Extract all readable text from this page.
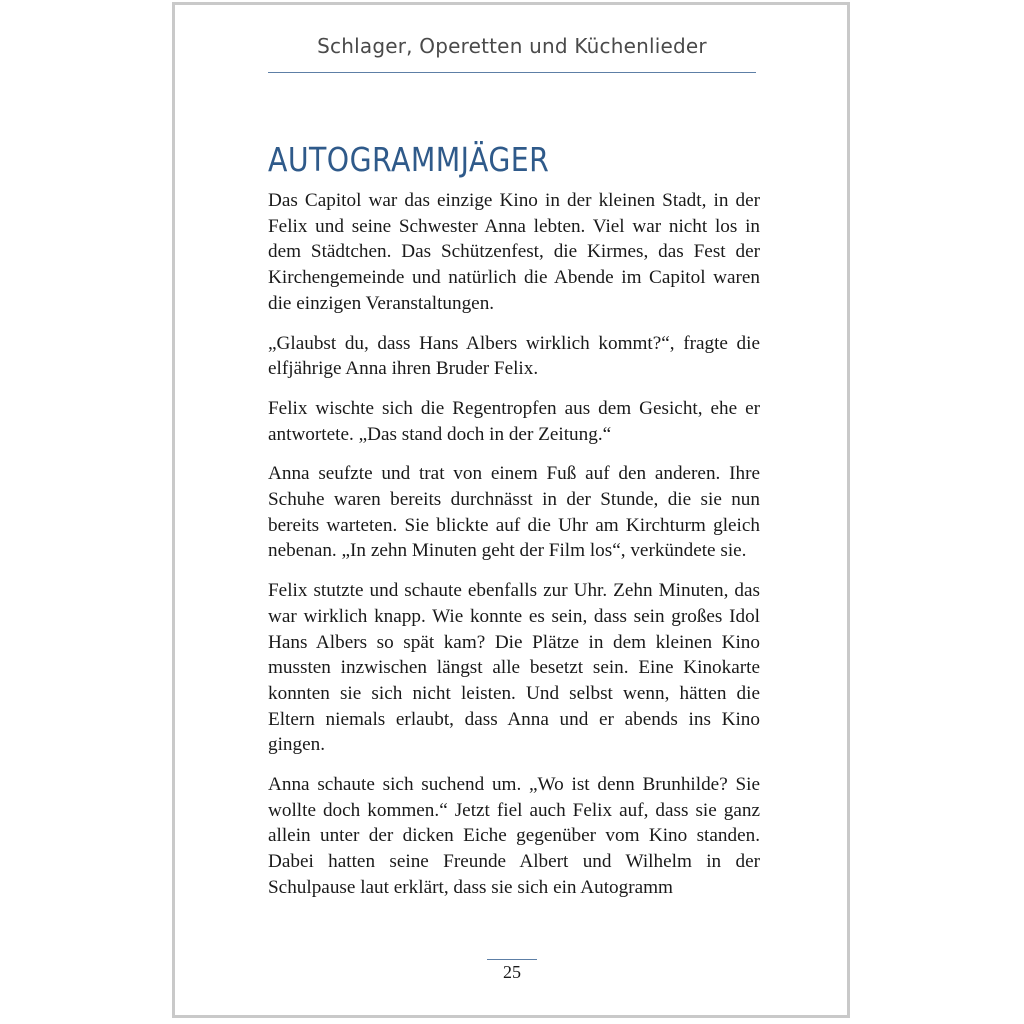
Schlager, Operetten und Küchenlieder
AUTOGRAMMJÄGER

Das Capitol war das einzige Kino in der kleinen Stadt, in der Felix und seine Schwester Anna lebten. Viel war nicht los in dem Städtchen. Das Schützenfest, die Kirmes, das Fest der Kirchengemeinde und natürlich die Abende im Capitol waren die einzigen Veranstaltungen.

„Glaubst du, dass Hans Albers wirklich kommt?“, fragte die elfjährige Anna ihren Bruder Felix.

Felix wischte sich die Regentropfen aus dem Gesicht, ehe er antwortete. „Das stand doch in der Zeitung.“

Anna seufzte und trat von einem Fuß auf den anderen. Ihre Schuhe waren bereits durchnässt in der Stunde, die sie nun bereits warteten. Sie blickte auf die Uhr am Kirchturm gleich nebenan. „In zehn Minuten geht der Film los“, verkündete sie.

Felix stutzte und schaute ebenfalls zur Uhr. Zehn Minuten, das war wirklich knapp. Wie konnte es sein, dass sein großes Idol Hans Albers so spät kam? Die Plätze in dem kleinen Kino mussten inzwischen längst alle besetzt sein. Eine Kinokarte konnten sie sich nicht leisten. Und selbst wenn, hätten die Eltern niemals erlaubt, dass Anna und er abends ins Kino gingen.

Anna schaute sich suchend um. „Wo ist denn Brunhilde? Sie wollte doch kommen.“ Jetzt fiel auch Felix auf, dass sie ganz allein unter der dicken Eiche gegenüber vom Kino standen. Dabei hatten seine Freunde Albert und Wilhelm in der Schulpause laut erklärt, dass sie sich ein Autogramm

25
